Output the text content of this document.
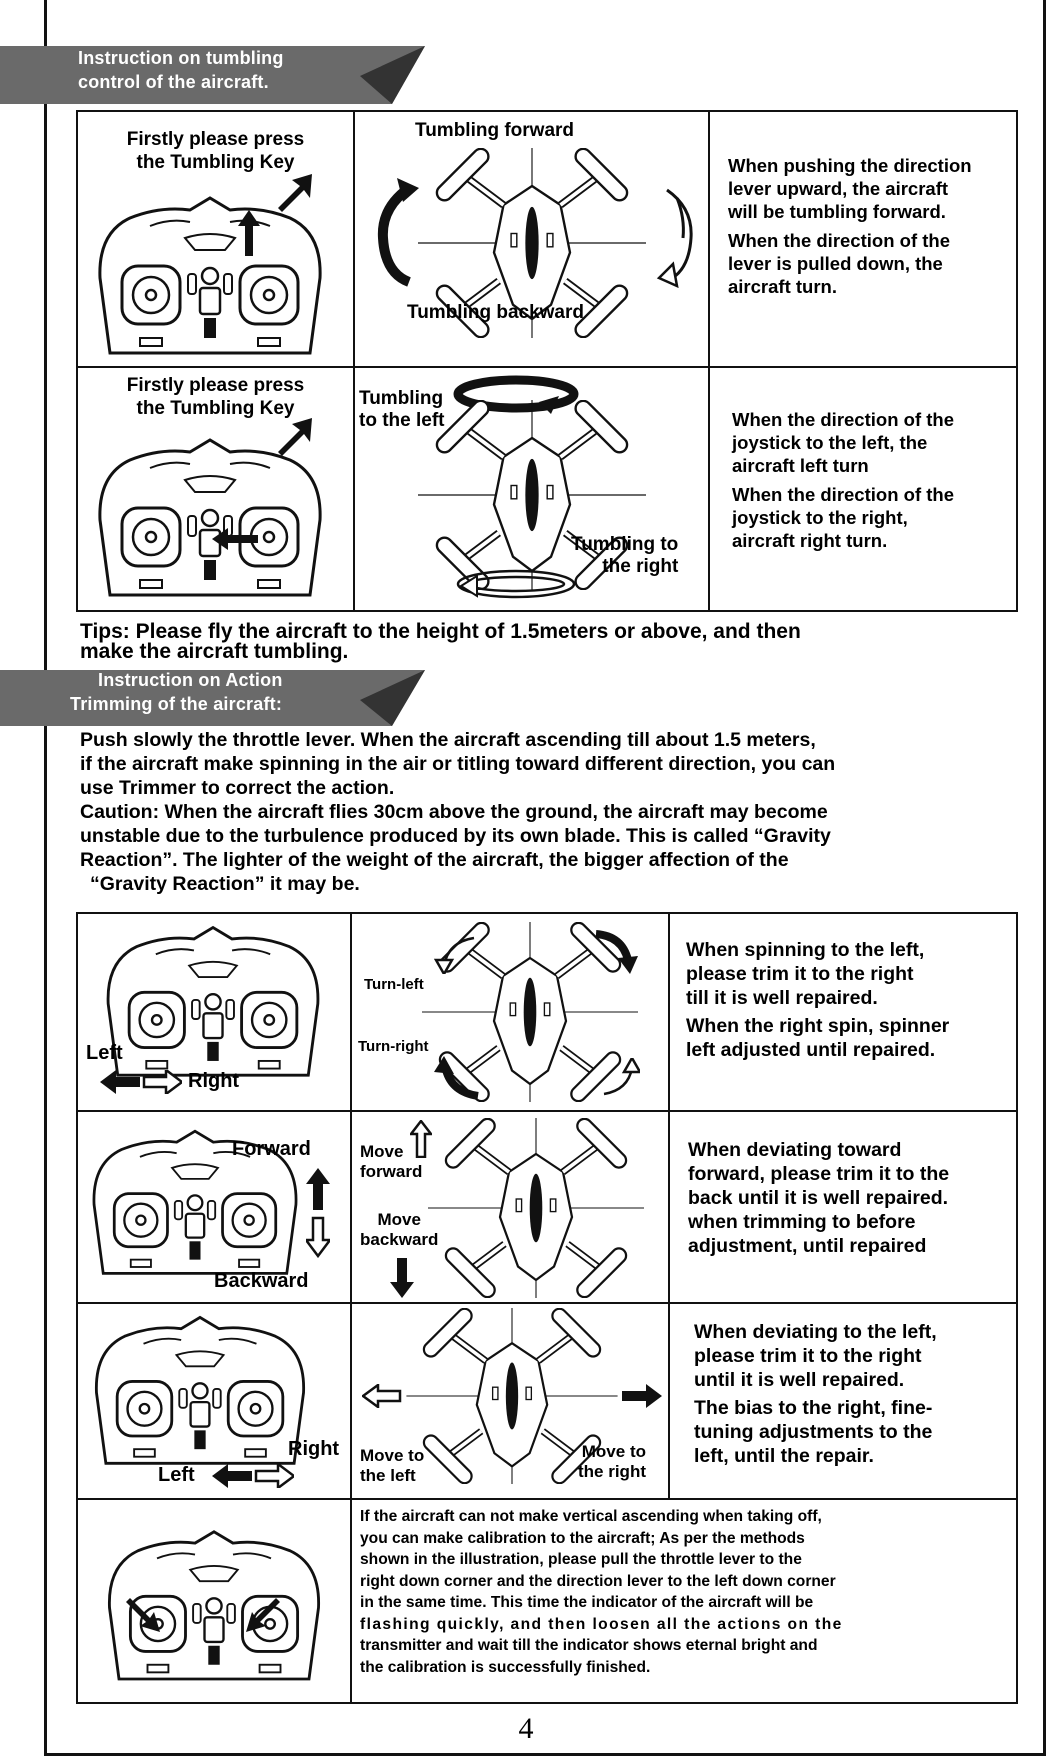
Instruction on tumbling
control of the aircraft.
Firstly please press
the Tumbling Key
Tumbling forward
Tumbling backward
When pushing the direction
lever upward, the aircraft
will be tumbling forward.
When the direction of the
lever is pulled down, the
aircraft turn.
Firstly please press
the Tumbling Key	Tumbling
to the left
Tumbling to
the right
When the direction of the
joystick to the left, the
aircraft left turn
When the direction of the
joystick to the right,
aircraft right turn.
Tips: Please fly the aircraft to the height of 1.5meters or above, and then
make the aircraft tumbling.
Instruction on Action
Trimming of the aircraft:
Push slowly the throttle lever. When the aircraft ascending till about 1.5 meters,
if the aircraft make spinning in the air or titling toward different direction, you can
use Trimmer to correct the action.
Caution: When the aircraft flies 30cm above the ground, the aircraft may become
unstable due to the turbulence produced by its own blade. This is called “Gravity
Reaction”. The lighter of the weight of the aircraft, the bigger affection of the
“Gravity Reaction” it may be.
Left
Right
Turn-left
Turn-right
When spinning to the left,
please trim it to the right
till it is well repaired.
When the right spin, spinner
left adjusted until repaired.
Forward
Backward
Move
forward
Move
backward
When deviating toward
forward, please trim it to the
back until it is well repaired.
when trimming to before
adjustment, until repaired
Right
Left
Move to
the left
Move to
the right
When deviating to the left,
please trim it to the right
until it is well repaired.
The bias to the right, fine-
tuning adjustments to the
left, until the repair.
If the aircraft can not make vertical ascending when taking off,
you can make calibration to the aircraft; As per the methods
shown in the illustration, please pull the throttle lever to the
right down corner and the direction lever to the left down corner
in the same time. This time the indicator of the aircraft will be
flashing quickly, and then loosen all the actions on the
transmitter and wait till the indicator shows eternal bright and
the calibration is successfully finished.
4
